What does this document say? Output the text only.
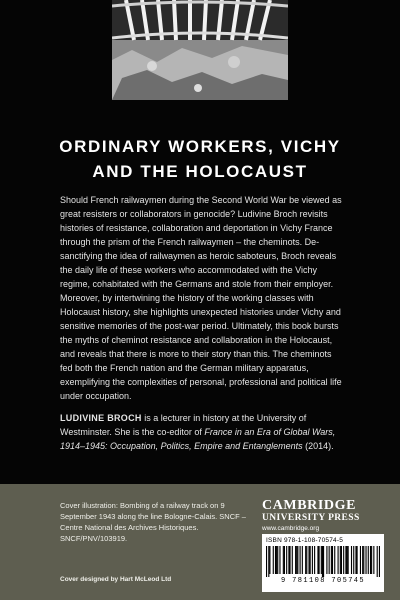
ORDINARY WORKERS, VICHY
AND THE HOLOCAUST

Should French railwaymen during the Second World War be viewed as great resisters or collaborators in genocide? Ludivine Broch revisits histories of resistance, collaboration and deportation in Vichy France through the prism of the French railwaymen – the cheminots. De-sanctifying the idea of railwaymen as heroic saboteurs, Broch reveals the daily life of these workers who accommodated with the Vichy regime, cohabitated with the Germans and stole from their employer. Moreover, by intertwining the history of the working classes with Holocaust history, she highlights unexpected histories under Vichy and sensitive memories of the post-war period. Ultimately, this book bursts the myths of cheminot resistance and collaboration in the Holocaust, and reveals that there is more to their story than this. The cheminots fed both the French nation and the German military apparatus, exemplifying the complexities of personal, professional and political life under occupation.

LUDIVINE BROCH is a lecturer in history at the University of Westminster. She is the co-editor of France in an Era of Global Wars, 1914–1945: Occupation, Politics, Empire and Entanglements (2014).

Cover illustration: Bombing of a railway track on 9 September 1943 along the line Bologne-Calais. SNCF – Centre National des Archives Historiques. SNCF/PNV/103919.
Cover designed by Hart McLeod Ltd
CAMBRIDGE
UNIVERSITY PRESS
www.cambridge.org
ISBN 978-1-108-70574-5
9 781108 705745
